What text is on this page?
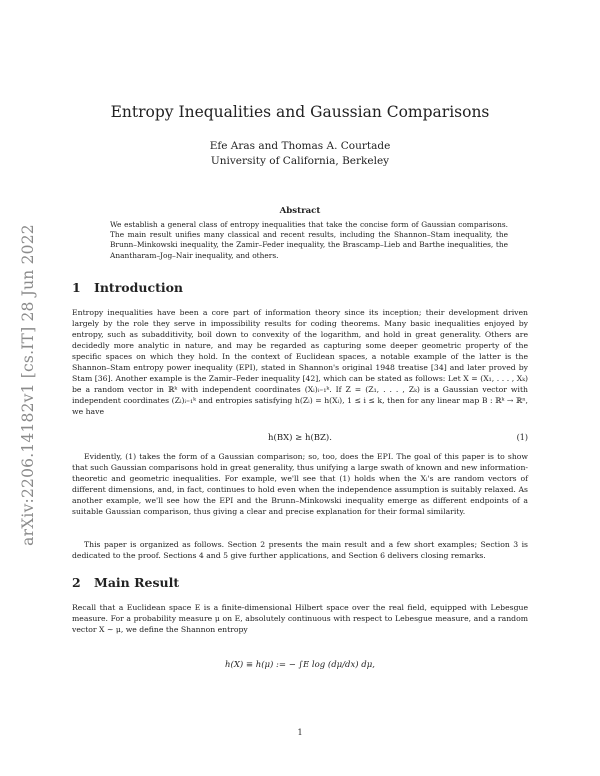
arXiv:2206.14182v1 [cs.IT] 28 Jun 2022
Entropy Inequalities and Gaussian Comparisons
Efe Aras and Thomas A. Courtade
University of California, Berkeley
Abstract

We establish a general class of entropy inequalities that take the concise form of Gaussian comparisons. The main result unifies many classical and recent results, including the Shannon–Stam inequality, the Brunn–Minkowski inequality, the Zamir–Feder inequality, the Brascamp–Lieb and Barthe inequalities, the Anantharam–Jog–Nair inequality, and others.

1 Introduction

Entropy inequalities have been a core part of information theory since its inception; their development driven largely by the role they serve in impossibility results for coding theorems. Many basic inequalities enjoyed by entropy, such as subadditivity, boil down to convexity of the logarithm, and hold in great generality. Others are decidedly more analytic in nature, and may be regarded as capturing some deeper geometric property of the specific spaces on which they hold. In the context of Euclidean spaces, a notable example of the latter is the Shannon–Stam entropy power inequality (EPI), stated in Shannon's original 1948 treatise [34] and later proved by Stam [36]. Another example is the Zamir–Feder inequality [42], which can be stated as follows: Let X = (X₁, . . . , Xₖ) be a random vector in ℝᵏ with independent coordinates (Xᵢ)ᵢ₌₁ᵏ. If Z = (Z₁, . . . , Zₖ) is a Gaussian vector with independent coordinates (Zᵢ)ᵢ₌₁ᵏ and entropies satisfying h(Zᵢ) = h(Xᵢ), 1 ≤ i ≤ k, then for any linear map B : ℝᵏ → ℝⁿ, we have

h(BX) ≥ h(BZ).	(1)

Evidently, (1) takes the form of a Gaussian comparison; so, too, does the EPI. The goal of this paper is to show that such Gaussian comparisons hold in great generality, thus unifying a large swath of known and new information-theoretic and geometric inequalities. For example, we'll see that (1) holds when the Xᵢ's are random vectors of different dimensions, and, in fact, continues to hold even when the independence assumption is suitably relaxed. As another example, we'll see how the EPI and the Brunn–Minkowski inequality emerge as different endpoints of a suitable Gaussian comparison, thus giving a clear and precise explanation for their formal similarity.

This paper is organized as follows. Section 2 presents the main result and a few short examples; Section 3 is dedicated to the proof. Sections 4 and 5 give further applications, and Section 6 delivers closing remarks.

2 Main Result

Recall that a Euclidean space E is a finite-dimensional Hilbert space over the real field, equipped with Lebesgue measure. For a probability measure μ on E, absolutely continuous with respect to Lebesgue measure, and a random vector X ∼ μ, we define the Shannon entropy

h(X) ≡ h(μ) := − ∫E log (dμ/dx) dμ,
1
